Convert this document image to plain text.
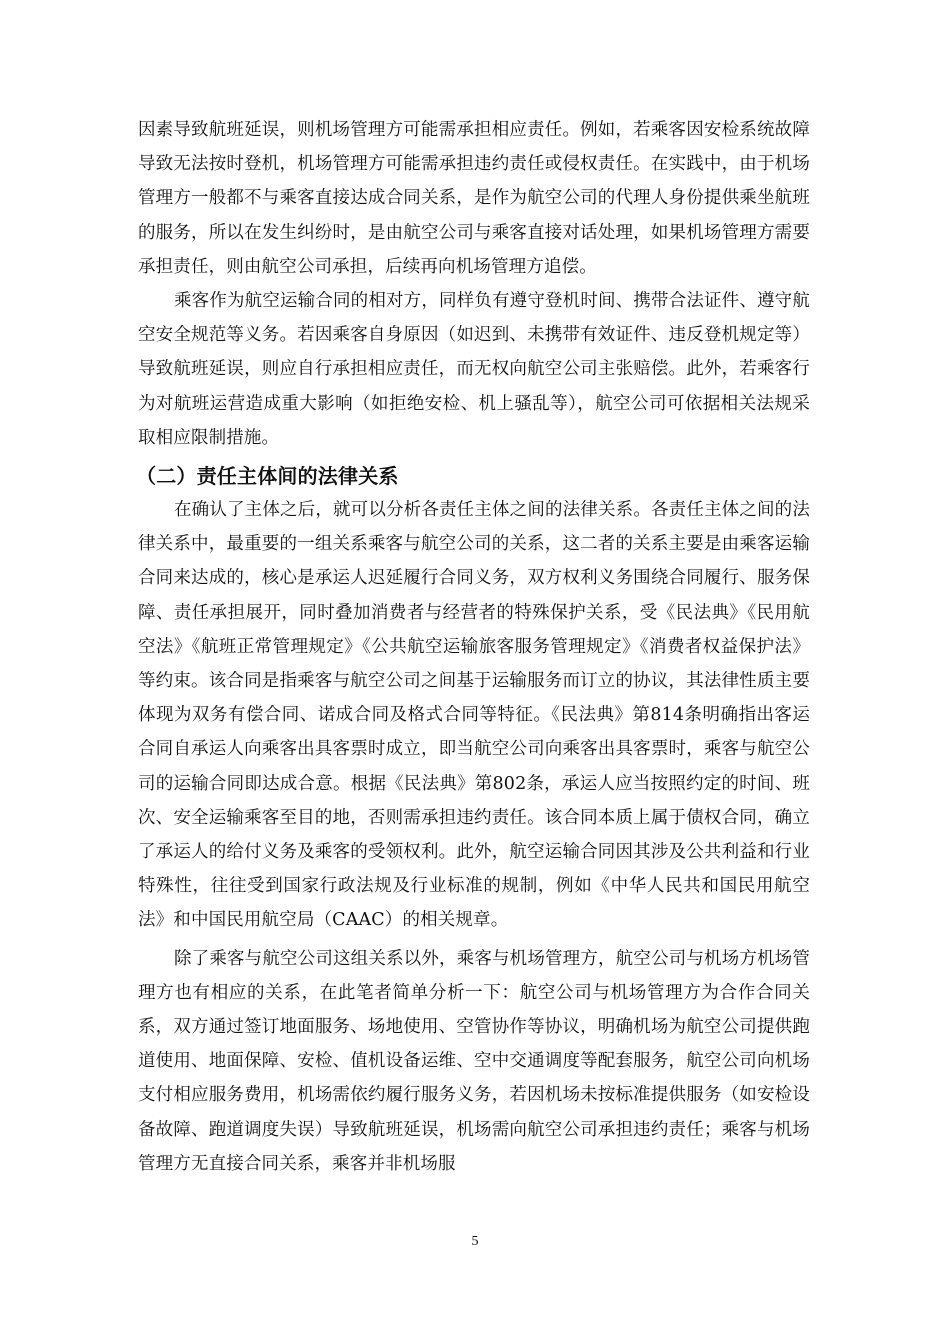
因素导致航班延误，则机场管理方可能需承担相应责任。例如，若乘客因安检系统故障导致无法按时登机，机场管理方可能需承担违约责任或侵权责任。在实践中，由于机场管理方一般都不与乘客直接达成合同关系，是作为航空公司的代理人身份提供乘坐航班的服务，所以在发生纠纷时，是由航空公司与乘客直接对话处理，如果机场管理方需要承担责任，则由航空公司承担，后续再向机场管理方追偿。

乘客作为航空运输合同的相对方，同样负有遵守登机时间、携带合法证件、遵守航空安全规范等义务。若因乘客自身原因（如迟到、未携带有效证件、违反登机规定等）导致航班延误，则应自行承担相应责任，而无权向航空公司主张赔偿。此外，若乘客行为对航班运营造成重大影响（如拒绝安检、机上骚乱等），航空公司可依据相关法规采取相应限制措施。

（二）责任主体间的法律关系

在确认了主体之后，就可以分析各责任主体之间的法律关系。各责任主体之间的法律关系中，最重要的一组关系乘客与航空公司的关系，这二者的关系主要是由乘客运输合同来达成的，核心是承运人迟延履行合同义务，双方权利义务围绕合同履行、服务保障、责任承担展开，同时叠加消费者与经营者的特殊保护关系，受《民法典》《民用航空法》《航班正常管理规定》《公共航空运输旅客服务管理规定》《消费者权益保护法》等约束。该合同是指乘客与航空公司之间基于运输服务而订立的协议，其法律性质主要体现为双务有偿合同、诺成合同及格式合同等特征。《民法典》第814条明确指出客运合同自承运人向乘客出具客票时成立，即当航空公司向乘客出具客票时，乘客与航空公司的运输合同即达成合意。根据《民法典》第802条，承运人应当按照约定的时间、班次、安全运输乘客至目的地，否则需承担违约责任。该合同本质上属于债权合同，确立了承运人的给付义务及乘客的受领权利。此外，航空运输合同因其涉及公共利益和行业特殊性，往往受到国家行政法规及行业标准的规制，例如《中华人民共和国民用航空法》和中国民用航空局（CAAC）的相关规章。

除了乘客与航空公司这组关系以外，乘客与机场管理方，航空公司与机场方机场管理方也有相应的关系，在此笔者简单分析一下：航空公司与机场管理方为合作合同关系，双方通过签订地面服务、场地使用、空管协作等协议，明确机场为航空公司提供跑道使用、地面保障、安检、值机设备运维、空中交通调度等配套服务，航空公司向机场支付相应服务费用，机场需依约履行服务义务，若因机场未按标准提供服务（如安检设备故障、跑道调度失误）导致航班延误，机场需向航空公司承担违约责任；乘客与机场管理方无直接合同关系，乘客并非机场服

5
